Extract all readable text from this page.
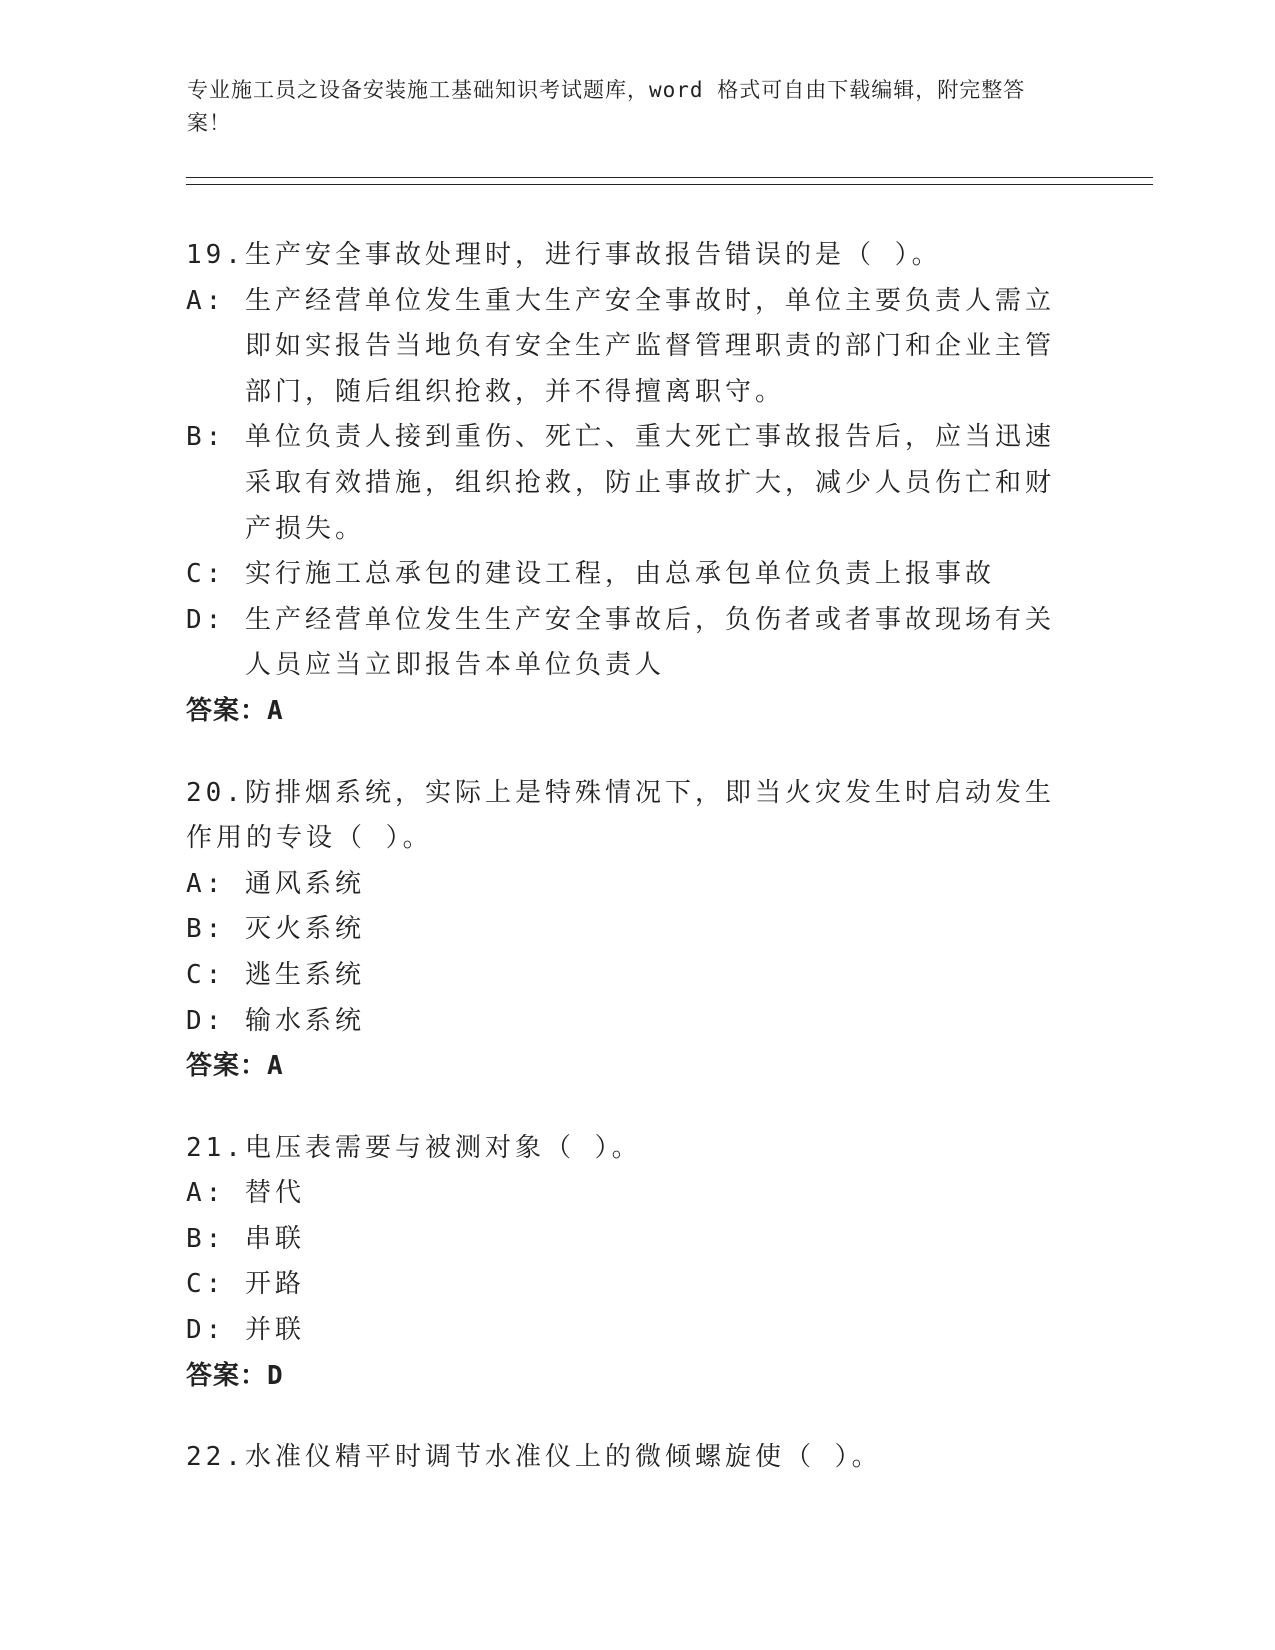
专业施工员之设备安装施工基础知识考试题库，word 格式可自由下载编辑，附完整答案！

19.生产安全事故处理时，进行事故报告错误的是（ ）。

A: 生产经营单位发生重大生产安全事故时，单位主要负责人需立即如实报告当地负有安全生产监督管理职责的部门和企业主管部门，随后组织抢救，并不得擅离职守。
B: 单位负责人接到重伤、死亡、重大死亡事故报告后，应当迅速采取有效措施，组织抢救，防止事故扩大，减少人员伤亡和财产损失。
C: 实行施工总承包的建设工程，由总承包单位负责上报事故
D: 生产经营单位发生生产安全事故后，负伤者或者事故现场有关人员应当立即报告本单位负责人

答案：A

20.防排烟系统，实际上是特殊情况下，即当火灾发生时启动发生作用的专设（ ）。

A: 通风系统
B: 灭火系统
C: 逃生系统
D: 输水系统

答案：A

21.电压表需要与被测对象（ ）。

A: 替代
B: 串联
C: 开路
D: 并联

答案：D

22.水准仪精平时调节水准仪上的微倾螺旋使（ ）。
